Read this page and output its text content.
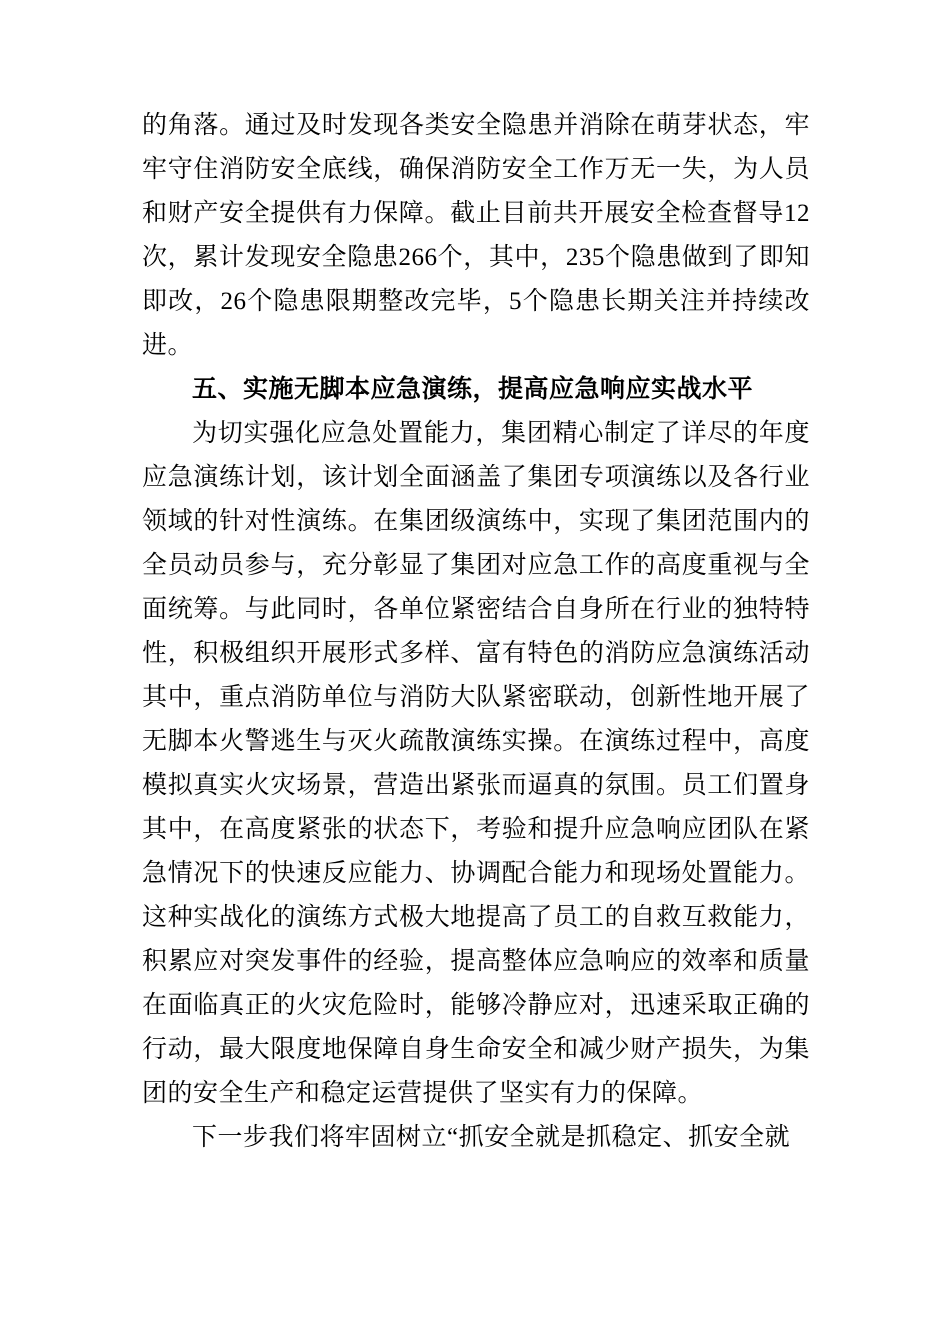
的角落。通过及时发现各类安全隐患并消除在萌芽状态，牢牢守住消防安全底线，确保消防安全工作万无一失，为人员和财产安全提供有力保障。截止目前共开展安全检查督导12次，累计发现安全隐患266个，其中，235个隐患做到了即知即改，26个隐患限期整改完毕，5个隐患长期关注并持续改进。

五、实施无脚本应急演练，提高应急响应实战水平

为切实强化应急处置能力，集团精心制定了详尽的年度应急演练计划，该计划全面涵盖了集团专项演练以及各行业领域的针对性演练。在集团级演练中，实现了集团范围内的全员动员参与，充分彰显了集团对应急工作的高度重视与全面统筹。与此同时，各单位紧密结合自身所在行业的独特特性，积极组织开展形式多样、富有特色的消防应急演练活动其中，重点消防单位与消防大队紧密联动，创新性地开展了无脚本火警逃生与灭火疏散演练实操。在演练过程中，高度模拟真实火灾场景，营造出紧张而逼真的氛围。员工们置身其中，在高度紧张的状态下，考验和提升应急响应团队在紧急情况下的快速反应能力、协调配合能力和现场处置能力。这种实战化的演练方式极大地提高了员工的自救互救能力，积累应对突发事件的经验，提高整体应急响应的效率和质量在面临真正的火灾危险时，能够冷静应对，迅速采取正确的行动，最大限度地保障自身生命安全和减少财产损失，为集团的安全生产和稳定运营提供了坚实有力的保障。

下一步我们将牢固树立“抓安全就是抓稳定、抓安全就
